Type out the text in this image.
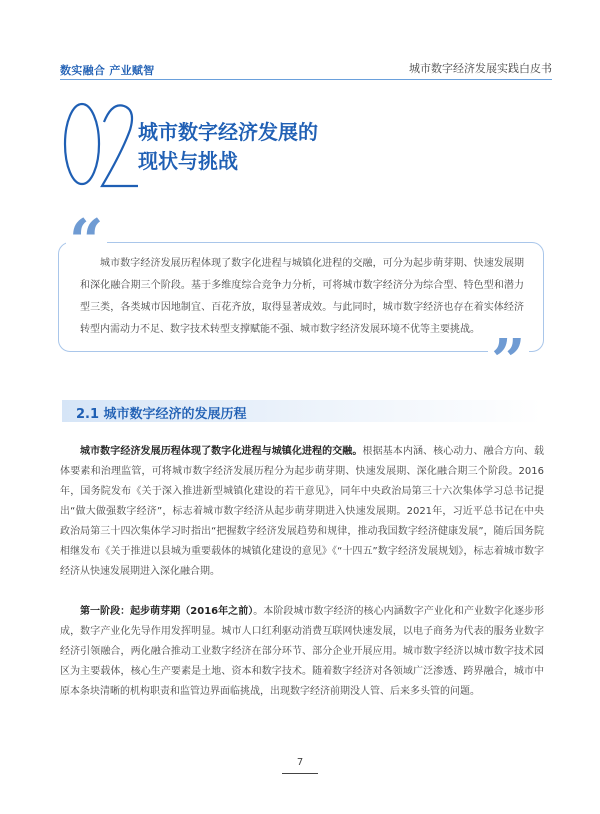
数实融合 产业赋智	城市数字经济发展实践白皮书
城市数字经济发展的
现状与挑战
“
”
城市数字经济发展历程体现了数字化进程与城镇化进程的交融，可分为起步萌芽期、快速发展期和深化融合期三个阶段。基于多维度综合竞争力分析，可将城市数字经济分为综合型、特色型和潜力型三类，各类城市因地制宜、百花齐放，取得显著成效。与此同时，城市数字经济也存在着实体经济转型内需动力不足、数字技术转型支撑赋能不强、城市数字经济发展环境不优等主要挑战。
2.1 城市数字经济的发展历程
城市数字经济发展历程体现了数字化进程与城镇化进程的交融。根据基本内涵、核心动力、融合方向、载体要素和治理监管，可将城市数字经济发展历程分为起步萌芽期、快速发展期、深化融合期三个阶段。2016年，国务院发布《关于深入推进新型城镇化建设的若干意见》，同年中央政治局第三十六次集体学习总书记提出“做大做强数字经济”，标志着城市数字经济从起步萌芽期进入快速发展期。2021年，习近平总书记在中央政治局第三十四次集体学习时指出“把握数字经济发展趋势和规律，推动我国数字经济健康发展”，随后国务院相继发布《关于推进以县城为重要载体的城镇化建设的意见》《“十四五”数字经济发展规划》，标志着城市数字经济从快速发展期进入深化融合期。
第一阶段：起步萌芽期（2016年之前）。本阶段城市数字经济的核心内涵数字产业化和产业数字化逐步形成，数字产业化先导作用发挥明显。城市人口红利驱动消费互联网快速发展，以电子商务为代表的服务业数字经济引领融合，两化融合推动工业数字经济在部分环节、部分企业开展应用。城市数字经济以城市数字技术园区为主要载体，核心生产要素是土地、资本和数字技术。随着数字经济对各领域广泛渗透、跨界融合，城市中原本条块清晰的机构职责和监管边界面临挑战，出现数字经济前期没人管、后来多头管的问题。
7
